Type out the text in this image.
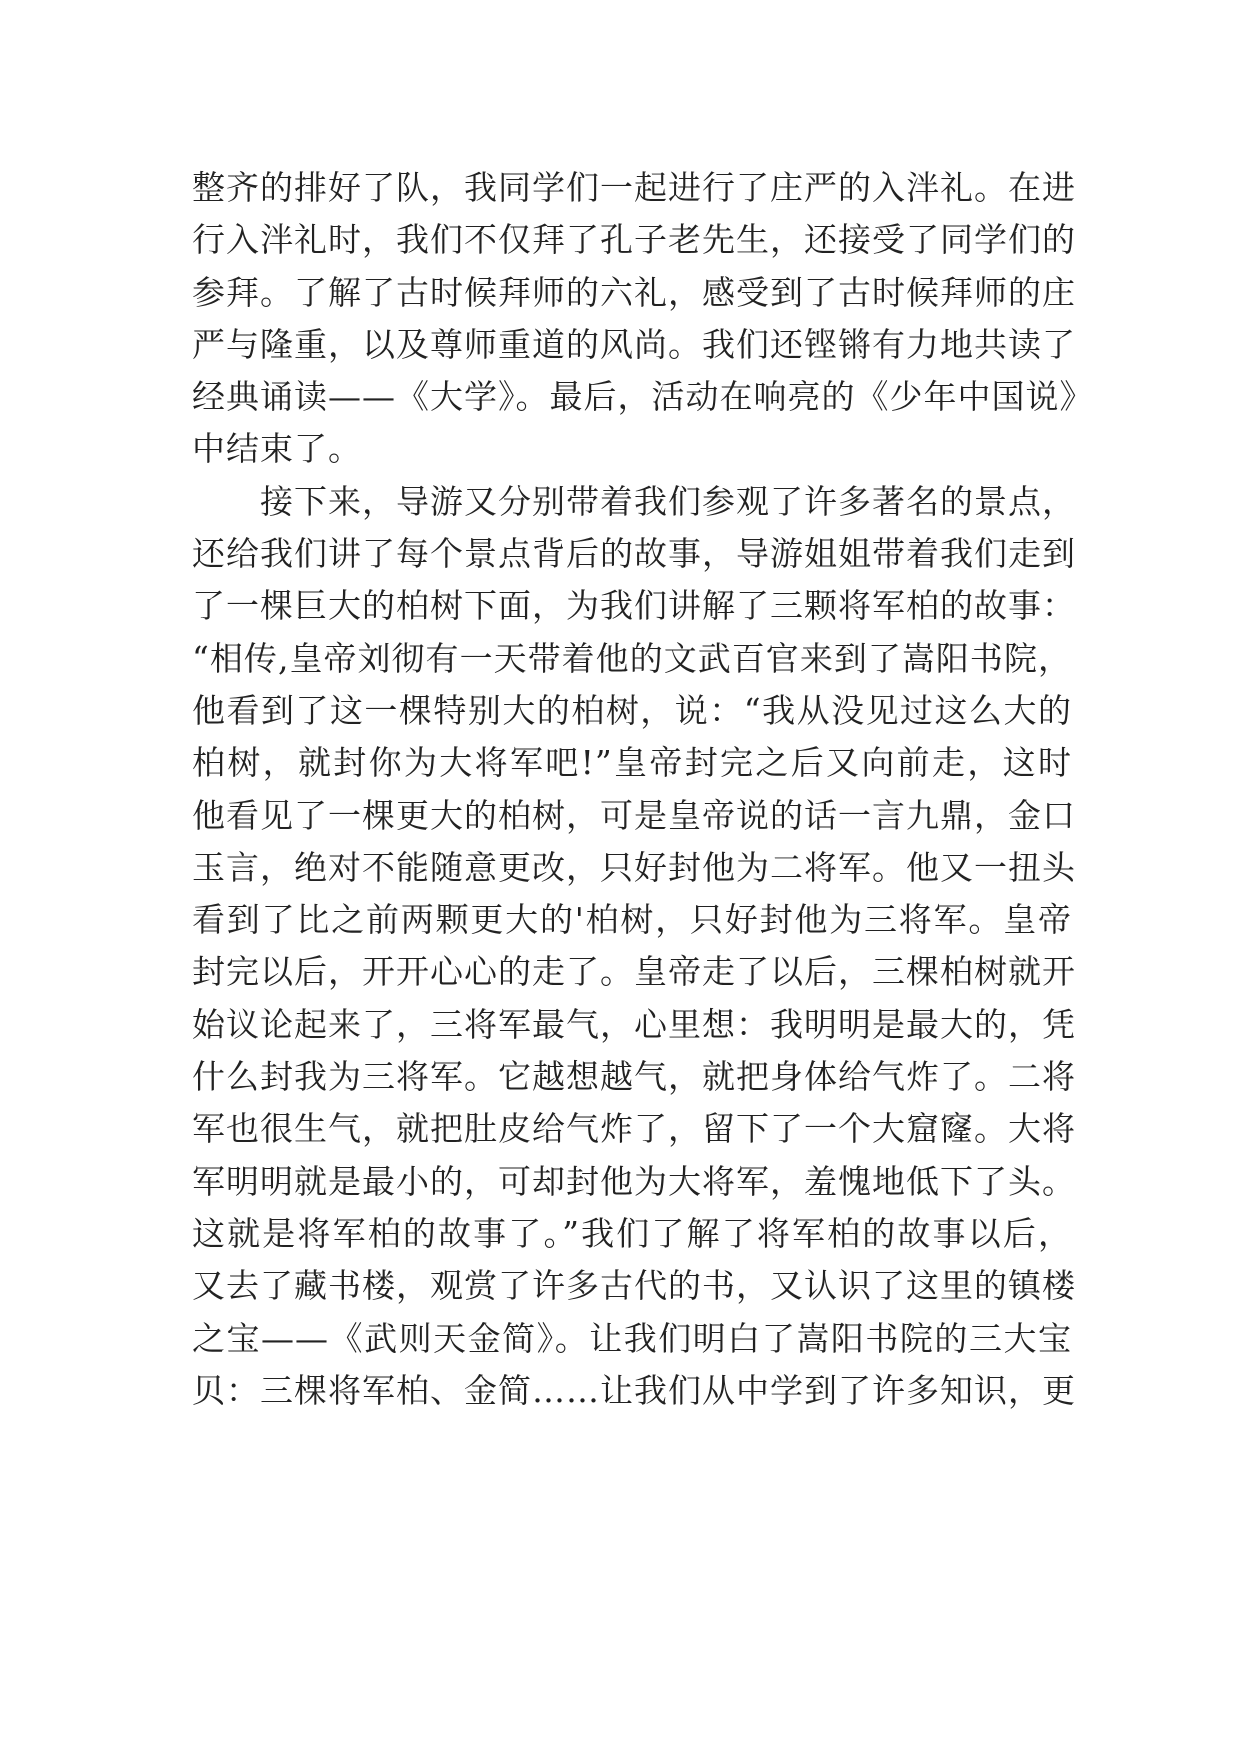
整齐的排好了队，我同学们一起进行了庄严的入泮礼。在进
行入泮礼时，我们不仅拜了孔子老先生，还接受了同学们的
参拜。了解了古时候拜师的六礼，感受到了古时候拜师的庄
严与隆重，以及尊师重道的风尚。我们还铿锵有力地共读了
经典诵读——《大学》。最后，活动在响亮的《少年中国说》
中结束了。
接下来，导游又分别带着我们参观了许多著名的景点，
还给我们讲了每个景点背后的故事，导游姐姐带着我们走到
了一棵巨大的柏树下面，为我们讲解了三颗将军柏的故事：
“相传,皇帝刘彻有一天带着他的文武百官来到了嵩阳书院，
他看到了这一棵特别大的柏树，说：“我从没见过这么大的
柏树，就封你为大将军吧!”皇帝封完之后又向前走，这时
他看见了一棵更大的柏树，可是皇帝说的话一言九鼎，金口
玉言，绝对不能随意更改，只好封他为二将军。他又一扭头
看到了比之前两颗更大的'柏树，只好封他为三将军。皇帝
封完以后，开开心心的走了。皇帝走了以后，三棵柏树就开
始议论起来了，三将军最气，心里想：我明明是最大的，凭
什么封我为三将军。它越想越气，就把身体给气炸了。二将
军也很生气，就把肚皮给气炸了，留下了一个大窟窿。大将
军明明就是最小的，可却封他为大将军，羞愧地低下了头。
这就是将军柏的故事了。”我们了解了将军柏的故事以后，
又去了藏书楼，观赏了许多古代的书，又认识了这里的镇楼
之宝——《武则天金简》。让我们明白了嵩阳书院的三大宝
贝：三棵将军柏、金简……让我们从中学到了许多知识，更
